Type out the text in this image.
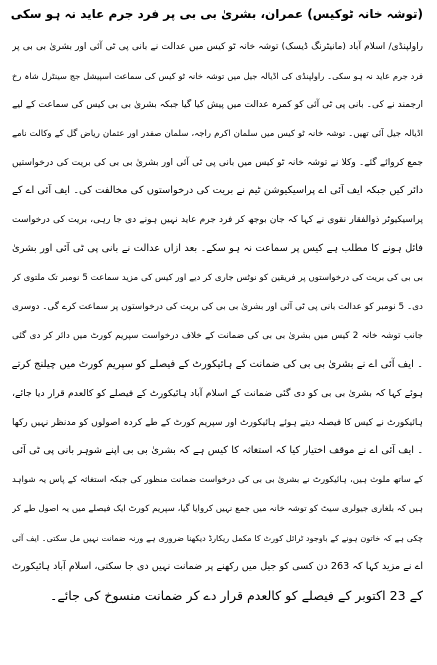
(توشہ خانہ ٹوکیس) عمران، بشریٰ بی بی پر فرد جرم عاید نہ ہو سکی
راولپنڈی/ اسلام آباد (مانیٹرنگ ڈیسک) توشہ خانہ ٹو کیس میں عدالت نے بانی پی ٹی آئی اور بشریٰ بی بی پر
فرد جرم عاید نہ ہو سکی۔ راولپنڈی کی اڈیالہ جیل میں توشہ خانہ ٹو کیس کی سماعت اسپیشل جج سینٹرل شاہ رخ
ارجمند نے کی۔ بانی پی ٹی آئی کو کمرہ عدالت میں پیش کیا گیا جبکہ بشریٰ بی بی کیس کی سماعت کے لیے
اڈیالہ جیل آئی تھیں۔ توشہ خانہ ٹو کیس میں سلمان اکرم راجہ، سلمان صفدر اور عثمان ریاض گل کے وکالت نامے
جمع کروائے گئے۔ وکلا نے توشہ خانہ ٹو کیس میں بانی پی ٹی آئی اور بشریٰ بی بی کی بریت کی درخواستیں
دائر کیں جبکہ ایف آئی اے پراسیکیوشن ٹیم نے بریت کی درخواستوں کی مخالفت کی۔ ایف آئی اے کے
پراسیکیوٹر ذوالفقار نقوی نے کہا کہ جان بوجھ کر فرد جرم عاید نہیں ہونے دی جا رہی، بریت کی درخواست
فائل ہونے کا مطلب ہے کیس پر سماعت نہ ہو سکے۔ بعد ازاں عدالت نے بانی پی ٹی آئی اور بشریٰ
بی بی کی بریت کی درخواستوں پر فریقین کو نوٹس جاری کر دیے اور کیس کی مزید سماعت 5 نومبر تک ملتوی کر
دی۔ 5 نومبر کو عدالت بانی پی ٹی آئی اور بشریٰ بی بی کی بریت کی درخواستوں پر سماعت کرے گی۔ دوسری
جانب توشہ خانہ 2 کیس میں بشریٰ بی بی کی ضمانت کے خلاف درخواست سپریم کورٹ میں دائر کر دی گئی
۔ ایف آئی اے نے بشریٰ بی بی کی ضمانت کے ہائیکورٹ کے فیصلے کو سپریم کورٹ میں چیلنج کرتے
ہوئے کہا کہ بشریٰ بی بی کو دی گئی ضمانت کے اسلام آباد ہائیکورٹ کے فیصلے کو کالعدم قرار دیا جائے،
ہائیکورٹ نے کیس کا فیصلہ دیتے ہوئے ہائیکورٹ اور سپریم کورٹ کے طے کردہ اصولوں کو مدنظر نہیں رکھا
۔ ایف آئی اے نے موقف اختیار کیا کہ استغاثہ کا کیس ہے کہ بشریٰ بی بی اپنے شوہر بانی پی ٹی آئی
کے ساتھ ملوث ہیں، ہائیکورٹ نے بشریٰ بی بی کی درخواست ضمانت منظور کی جبکہ استغاثہ کے پاس یہ شواہد
ہیں کہ بلغاری جیولری سیٹ کو توشہ خانہ میں جمع نہیں کروایا گیا، سپریم کورٹ ایک فیصلے میں یہ اصول طے کر
چکی ہے کہ خاتون ہونے کے باوجود ٹرائل کورٹ کا مکمل ریکارڈ دیکھنا ضروری ہے ورنہ ضمانت نہیں مل سکتی۔ ایف آئی
اے نے مزید کہا کہ 263 دن کسی کو جیل میں رکھنے پر ضمانت نہیں دی جا سکتی، اسلام آباد ہائیکورٹ
کے 23 اکتوبر کے فیصلے کو کالعدم قرار دے کر ضمانت منسوخ کی جائے۔
